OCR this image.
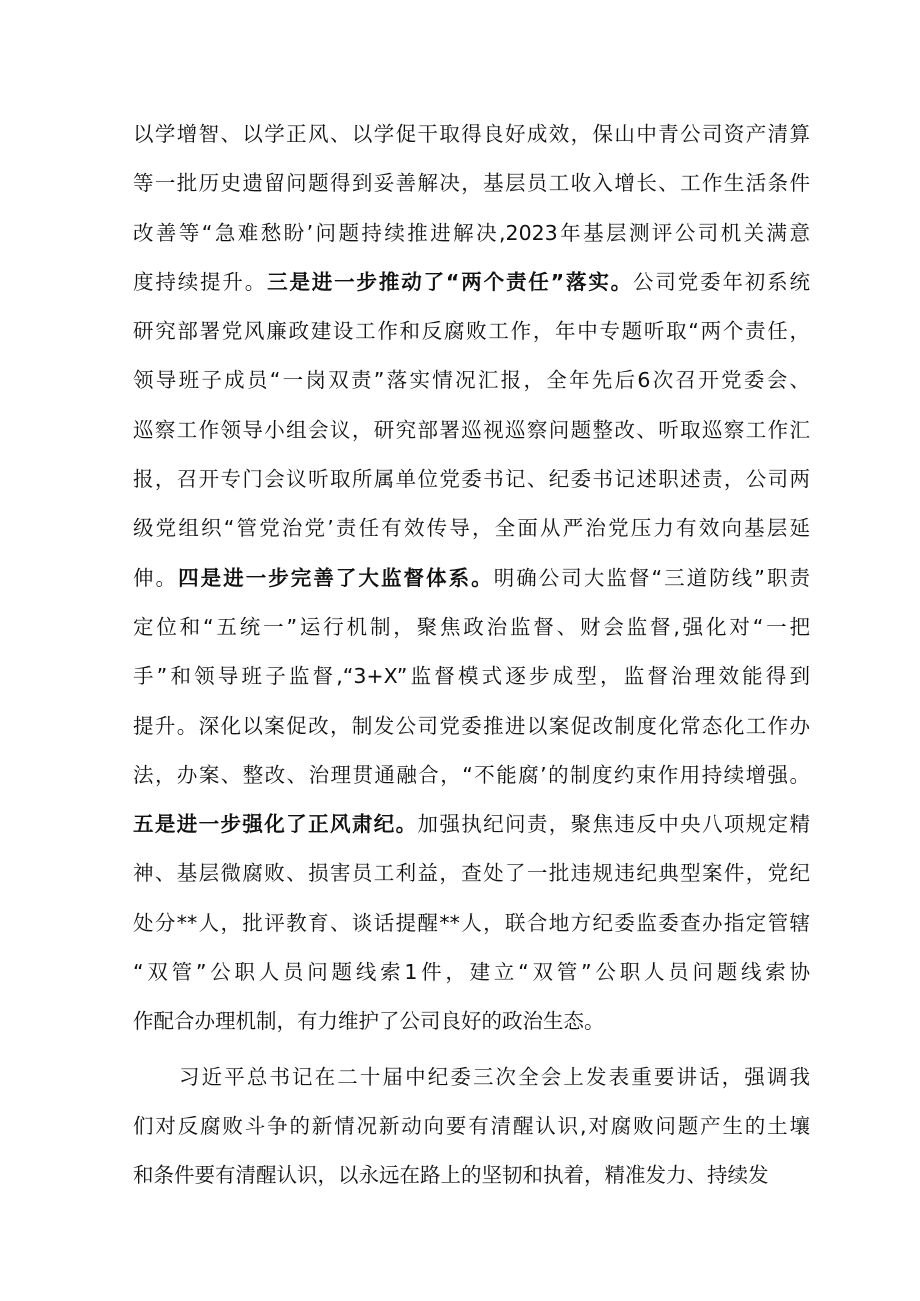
以学增智、以学正风、以学促干取得良好成效，保山中青公司资产清算
等一批历史遗留问题得到妥善解决，基层员工收入增长、工作生活条件
改善等“急难愁盼’问题持续推进解决,2023年基层测评公司机关满意
度持续提升。三是进一步推动了“两个责任”落实。公司党委年初系统
研究部署党风廉政建设工作和反腐败工作，年中专题听取“两个责任，
领导班子成员“一岗双责”落实情况汇报，全年先后6次召开党委会、
巡察工作领导小组会议，研究部署巡视巡察问题整改、听取巡察工作汇
报，召开专门会议听取所属单位党委书记、纪委书记述职述责，公司两
级党组织“管党治党’责任有效传导，全面从严治党压力有效向基层延
伸。四是进一步完善了大监督体系。明确公司大监督“三道防线”职责
定位和“五统一”运行机制，聚焦政治监督、财会监督,强化对“一把
手”和领导班子监督,“3+X”监督模式逐步成型，监督治理效能得到
提升。深化以案促改，制发公司党委推进以案促改制度化常态化工作办
法，办案、整改、治理贯通融合，“不能腐’的制度约束作用持续增强。
五是进一步强化了正风肃纪。加强执纪问责，聚焦违反中央八项规定精
神、基层微腐败、损害员工利益，查处了一批违规违纪典型案件，党纪
处分**人，批评教育、谈话提醒**人，联合地方纪委监委查办指定管辖
“双管”公职人员问题线索1件，建立“双管”公职人员问题线索协
作配合办理机制，有力维护了公司良好的政治生态。
习近平总书记在二十届中纪委三次全会上发表重要讲话，强调我
们对反腐败斗争的新情况新动向要有清醒认识,对腐败问题产生的土壤
和条件要有清醒认识，以永远在路上的坚韧和执着，精准发力、持续发
